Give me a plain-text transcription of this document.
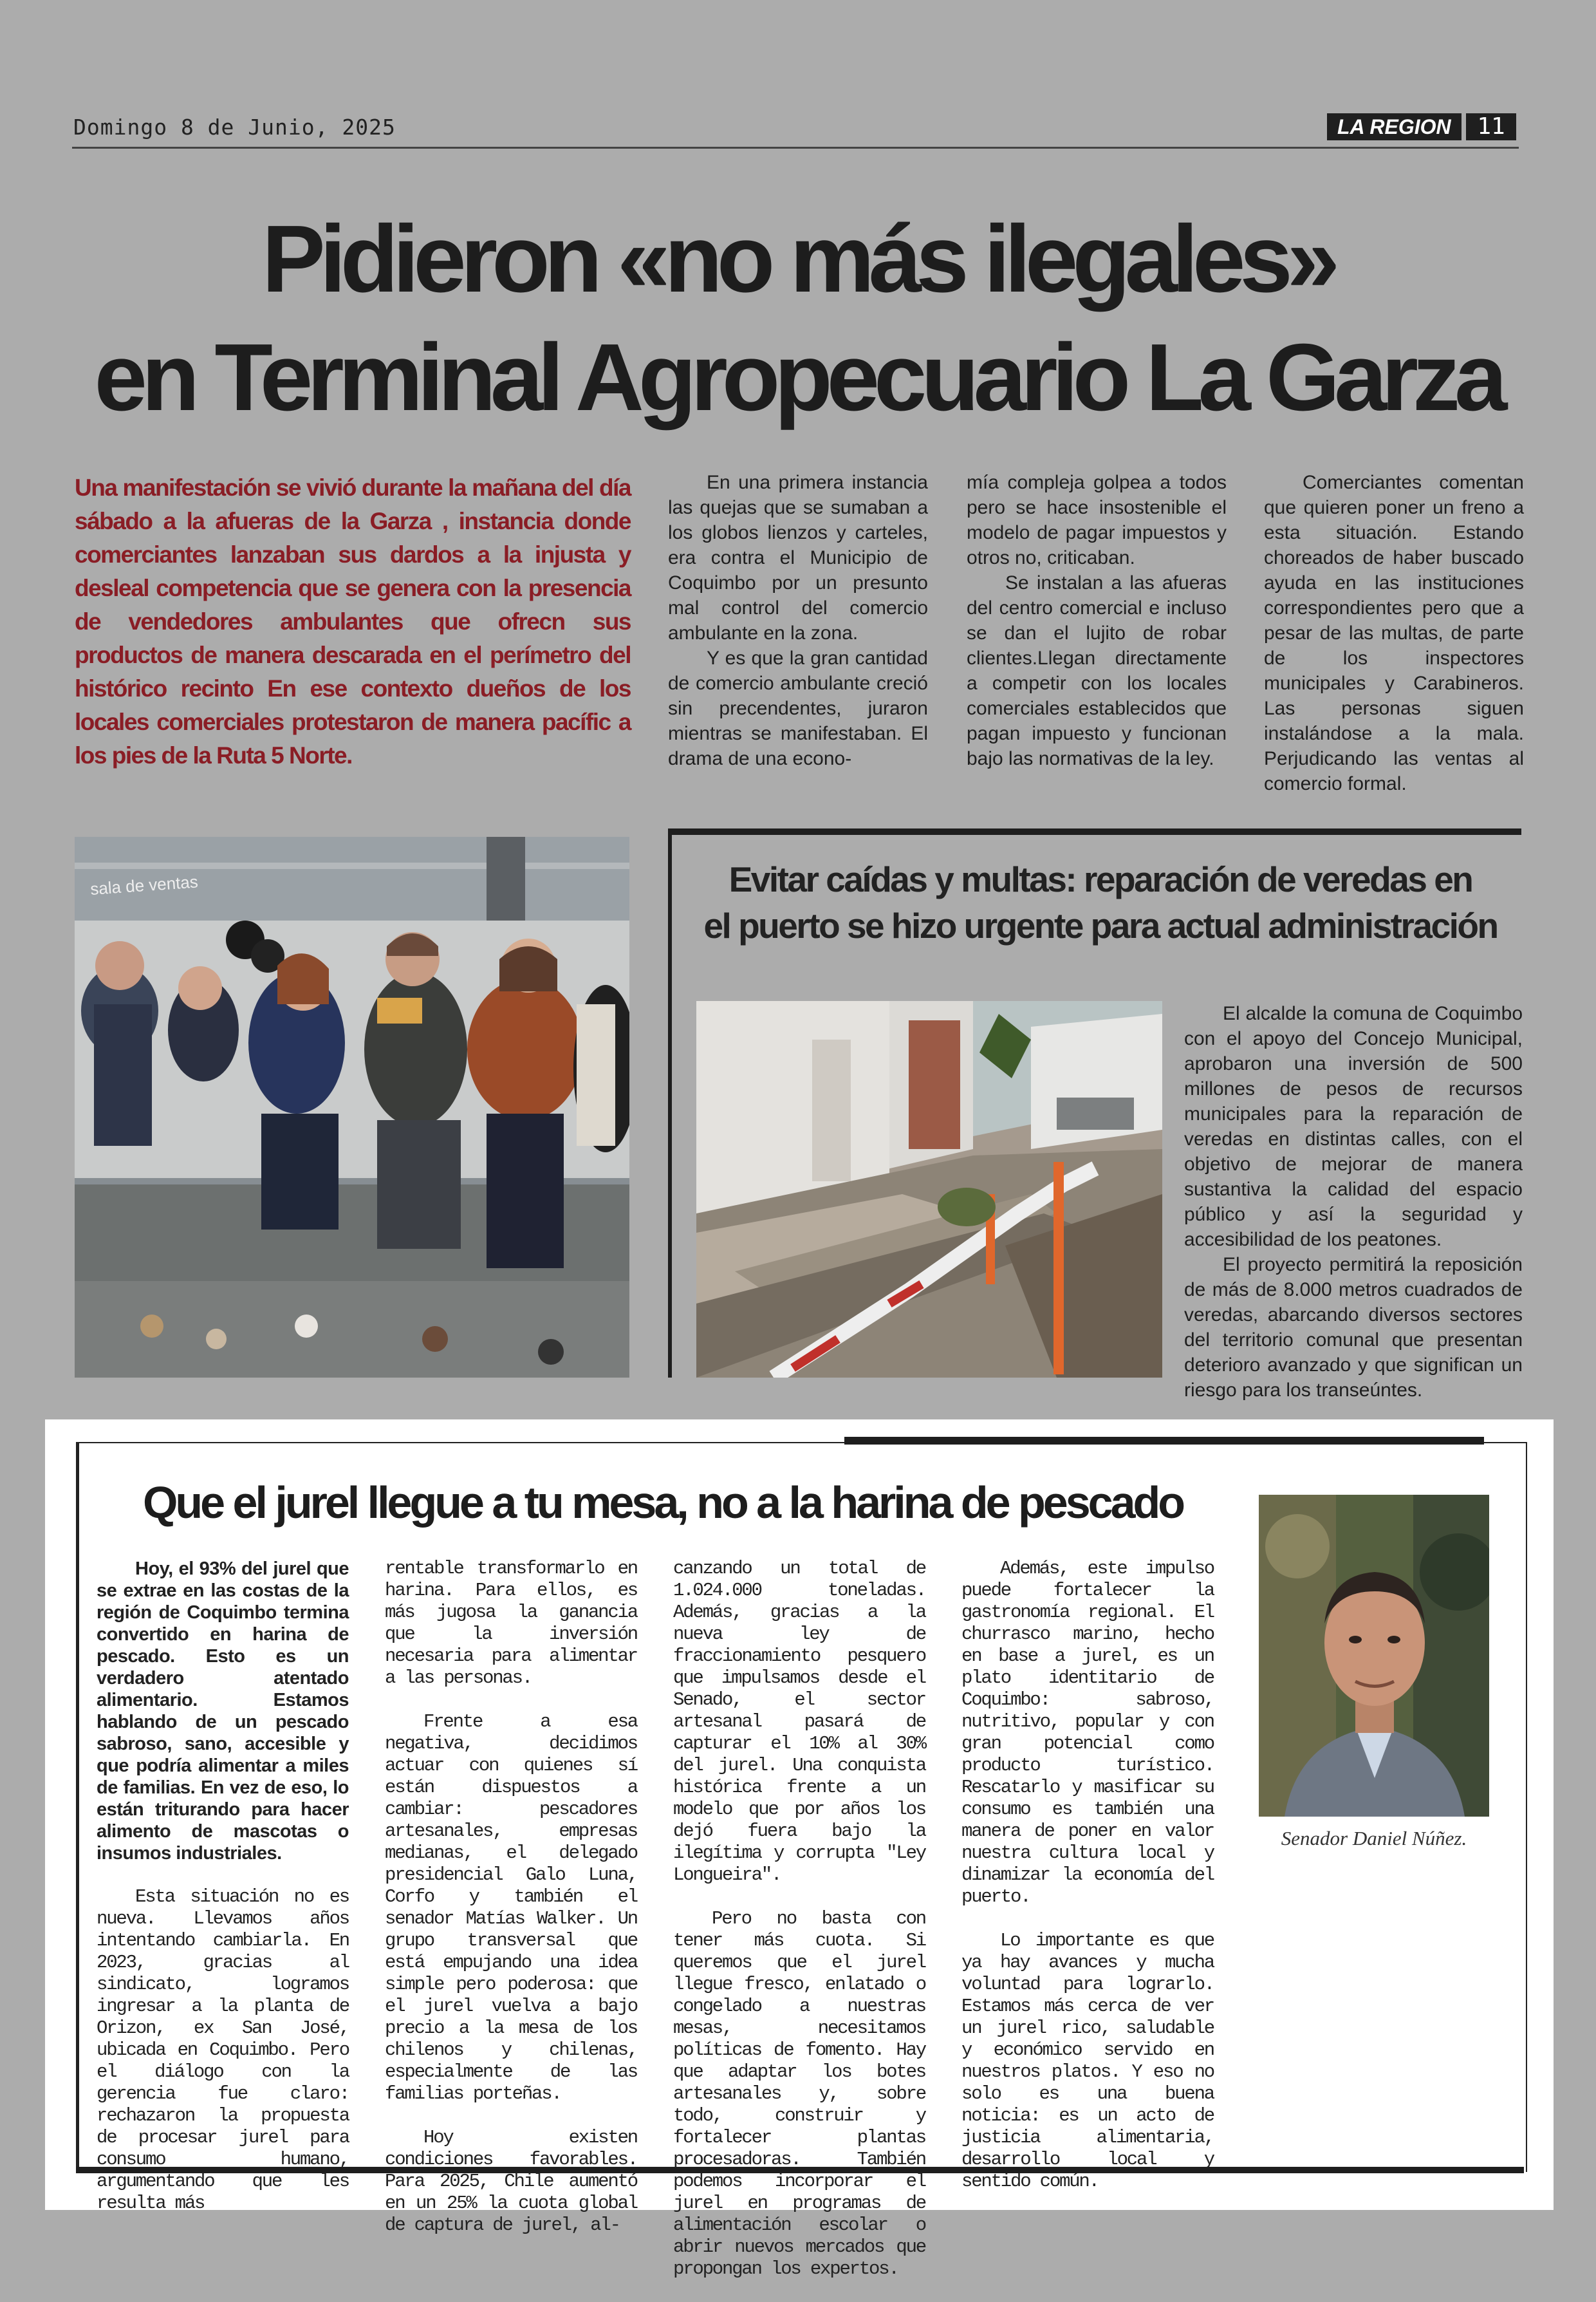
Domingo 8 de Junio, 2025	LA REGION	11
Pidieron «no más ilegales»
en Terminal Agropecuario La Garza
Una manifestación se vivió durante la mañana del día sábado a la afueras de la Garza , instancia donde comerciantes lanzaban sus dardos a la injusta y desleal competencia que se genera con la presencia de vendedores ambulantes que ofrecn sus productos de manera descarada en el perímetro del histórico recinto En ese contexto dueños de los locales comerciales protestaron de manera pacífic a los pies de la Ruta 5 Norte.

En una primera instancia las quejas que se sumaban a los globos lienzos y carteles, era contra el Municipio de Coquimbo por un presunto mal control del comercio ambulante en la zona.

Y es que la gran cantidad de comercio ambulante creció sin precendentes, juraron mientras se manifestaban. El drama de una econo-

mía compleja golpea a todos pero se hace insostenible el modelo de pagar impuestos y otros no, criticaban.

Se instalan a las afueras del centro comercial e incluso se dan el lujito de robar clientes.Llegan directamente a competir con los locales comerciales establecidos que pagan impuesto y funcionan bajo las normativas de la ley.

Comerciantes comentan que quieren poner un freno a esta situación. Estando choreados de haber buscado ayuda en las instituciones correspondientes pero que a pesar de las multas, de parte de los inspectores municipales y Carabineros. Las personas siguen instalándose a la mala. Perjudicando las ventas al comercio formal.

sala de ventas	Evitar caídas y multas: reparación de veredas en
el puerto se hizo urgente para actual administración

El alcalde la comuna de Coquimbo con el apoyo del Concejo Municipal, aprobaron una inversión de 500 millones de pesos de recursos municipales para la reparación de veredas en distintas calles, con el objetivo de mejorar de manera sustantiva la calidad del espacio público y así la seguridad y accesibilidad de los peatones.

El proyecto permitirá la reposición de más de 8.000 metros cuadrados de veredas, abarcando diversos sectores del territorio comunal que presentan deterioro avanzado y que significan un riesgo para los transeúntes.

Que el jurel llegue a tu mesa, no a la harina de pescado

Hoy, el 93% del jurel que se extrae en las costas de la región de Coquimbo termina convertido en harina de pescado. Esto es un verdadero atentado alimentario. Estamos hablando de un pescado sabroso, sano, accesible y que podría alimentar a miles de familias. En vez de eso, lo están triturando para hacer alimento de mascotas o insumos industriales.

Esta situación no es nueva. Llevamos años intentando cambiarla. En 2023, gracias al sindicato, logramos ingresar a la planta de Orizon, ex San José, ubicada en Coquimbo. Pero el diálogo con la gerencia fue claro: rechazaron la propuesta de procesar jurel para consumo humano, argumentando que les resulta más

rentable transformarlo en harina. Para ellos, es más jugosa la ganancia que la inversión necesaria para alimentar a las personas.

Frente a esa negativa, decidimos actuar con quienes sí están dispuestos a cambiar: pescadores artesanales, empresas medianas, el delegado presidencial Galo Luna, Corfo y también el senador Matías Walker. Un grupo transversal que está empujando una idea simple pero poderosa: que el jurel vuelva a bajo precio a la mesa de los chilenos y chilenas, especialmente de las familias porteñas.

Hoy existen condiciones favorables. Para 2025, Chile aumentó en un 25% la cuota global de captura de jurel, al-

canzando un total de 1.024.000 toneladas. Además, gracias a la nueva ley de fraccionamiento pesquero que impulsamos desde el Senado, el sector artesanal pasará de capturar el 10% al 30% del jurel. Una conquista histórica frente a un modelo que por años los dejó fuera bajo la ilegítima y corrupta "Ley Longueira".

Pero no basta con tener más cuota. Si queremos que el jurel llegue fresco, enlatado o congelado a nuestras mesas, necesitamos políticas de fomento. Hay que adaptar los botes artesanales y, sobre todo, construir y fortalecer plantas procesadoras. También podemos incorporar el jurel en programas de alimentación escolar o abrir nuevos mercados que propongan los expertos.

Además, este impulso puede fortalecer la gastronomía regional. El churrasco marino, hecho en base a jurel, es un plato identitario de Coquimbo: sabroso, nutritivo, popular y con gran potencial como producto turístico. Rescatarlo y masificar su consumo es también una manera de poner en valor nuestra cultura local y dinamizar la economía del puerto.

Lo importante es que ya hay avances y mucha voluntad para lograrlo. Estamos más cerca de ver un jurel rico, saludable y económico servido en nuestros platos. Y eso no solo es una buena noticia: es un acto de justicia alimentaria, desarrollo local y sentido común.

Senador Daniel Núñez.
